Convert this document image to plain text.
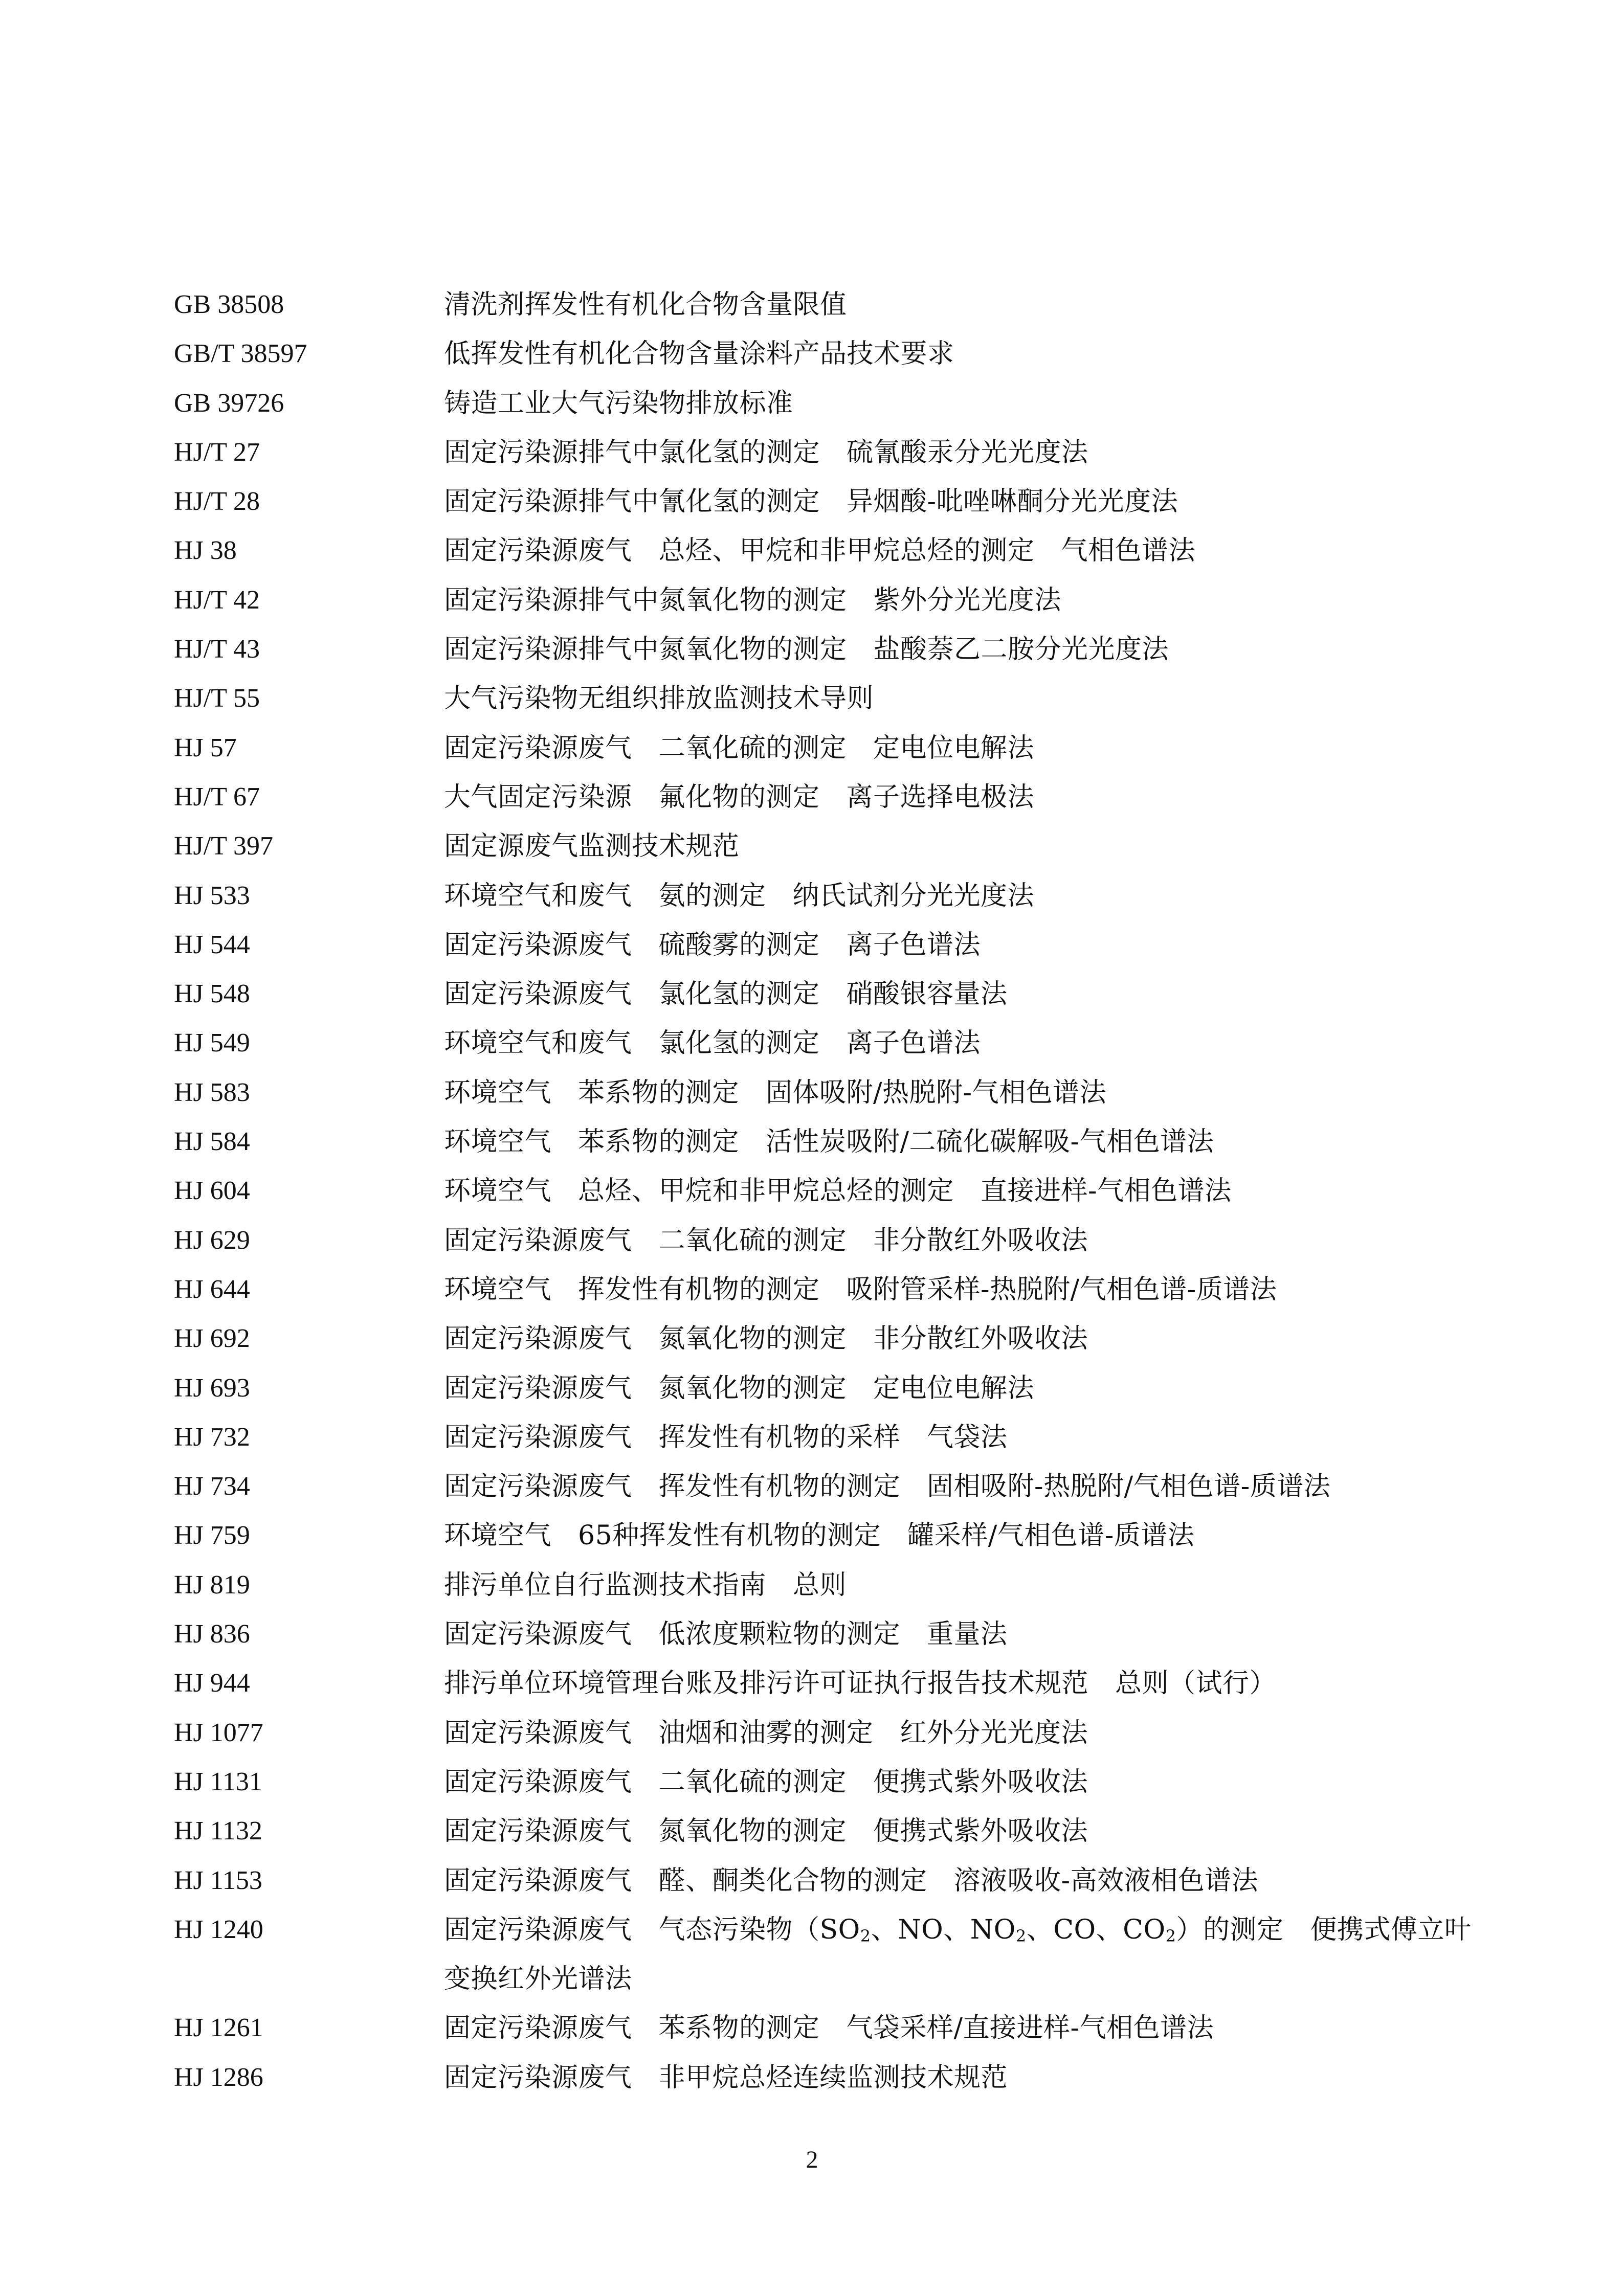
GB 38508	清洗剂挥发性有机化合物含量限值
GB/T 38597	低挥发性有机化合物含量涂料产品技术要求
GB 39726	铸造工业大气污染物排放标准
HJ/T 27	固定污染源排气中氯化氢的测定 硫氰酸汞分光光度法
HJ/T 28	固定污染源排气中氰化氢的测定 异烟酸-吡唑啉酮分光光度法
HJ 38	固定污染源废气 总烃、甲烷和非甲烷总烃的测定 气相色谱法
HJ/T 42	固定污染源排气中氮氧化物的测定 紫外分光光度法
HJ/T 43	固定污染源排气中氮氧化物的测定 盐酸萘乙二胺分光光度法
HJ/T 55	大气污染物无组织排放监测技术导则
HJ 57	固定污染源废气 二氧化硫的测定 定电位电解法
HJ/T 67	大气固定污染源 氟化物的测定 离子选择电极法
HJ/T 397	固定源废气监测技术规范
HJ 533	环境空气和废气 氨的测定 纳氏试剂分光光度法
HJ 544	固定污染源废气 硫酸雾的测定 离子色谱法
HJ 548	固定污染源废气 氯化氢的测定 硝酸银容量法
HJ 549	环境空气和废气 氯化氢的测定 离子色谱法
HJ 583	环境空气 苯系物的测定 固体吸附/热脱附-气相色谱法
HJ 584	环境空气 苯系物的测定 活性炭吸附/二硫化碳解吸-气相色谱法
HJ 604	环境空气 总烃、甲烷和非甲烷总烃的测定 直接进样-气相色谱法
HJ 629	固定污染源废气 二氧化硫的测定 非分散红外吸收法
HJ 644	环境空气 挥发性有机物的测定 吸附管采样-热脱附/气相色谱-质谱法
HJ 692	固定污染源废气 氮氧化物的测定 非分散红外吸收法
HJ 693	固定污染源废气 氮氧化物的测定 定电位电解法
HJ 732	固定污染源废气 挥发性有机物的采样 气袋法
HJ 734	固定污染源废气 挥发性有机物的测定 固相吸附-热脱附/气相色谱-质谱法
HJ 759	环境空气 65种挥发性有机物的测定 罐采样/气相色谱-质谱法
HJ 819	排污单位自行监测技术指南 总则
HJ 836	固定污染源废气 低浓度颗粒物的测定 重量法
HJ 944	排污单位环境管理台账及排污许可证执行报告技术规范 总则（试行）
HJ 1077	固定污染源废气 油烟和油雾的测定 红外分光光度法
HJ 1131	固定污染源废气 二氧化硫的测定 便携式紫外吸收法
HJ 1132	固定污染源废气 氮氧化物的测定 便携式紫外吸收法
HJ 1153	固定污染源废气 醛、酮类化合物的测定 溶液吸收-高效液相色谱法
HJ 1240	固定污染源废气 气态污染物（$SO_2$、NO、$NO_2$、CO、$CO_2$）的测定 便携式傅立叶变换红外光谱法
HJ 1261	固定污染源废气 苯系物的测定 气袋采样/直接进样-气相色谱法
HJ 1286	固定污染源废气 非甲烷总烃连续监测技术规范
2
